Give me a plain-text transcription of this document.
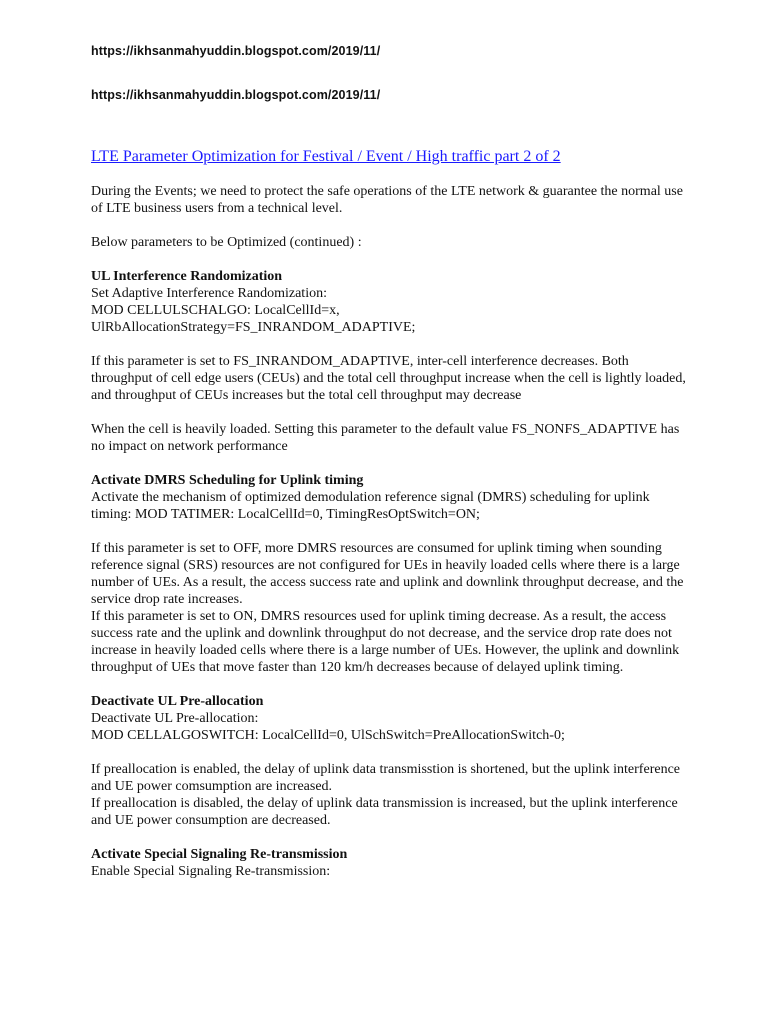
https://ikhsanmahyuddin.blogspot.com/2019/11/
https://ikhsanmahyuddin.blogspot.com/2019/11/
LTE Parameter Optimization for Festival / Event / High traffic part 2 of 2

During the Events; we need to protect the safe operations of the LTE network & guarantee the normal use of LTE business users from a technical level.

Below parameters to be Optimized (continued) :

UL Interference Randomization
Set Adaptive Interference Randomization:
MOD CELLULSCHALGO: LocalCellId=x,
UlRbAllocationStrategy=FS_INRANDOM_ADAPTIVE;

If this parameter is set to FS_INRANDOM_ADAPTIVE, inter-cell interference decreases. Both throughput of cell edge users (CEUs) and the total cell throughput increase when the cell is lightly loaded, and throughput of CEUs increases but the total cell throughput may decrease

When the cell is heavily loaded. Setting this parameter to the default value FS_NONFS_ADAPTIVE has no impact on network performance

Activate DMRS Scheduling for Uplink timing
Activate the mechanism of optimized demodulation reference signal (DMRS) scheduling for uplink timing: MOD TATIMER: LocalCellId=0, TimingResOptSwitch=ON;

If this parameter is set to OFF, more DMRS resources are consumed for uplink timing when sounding reference signal (SRS) resources are not configured for UEs in heavily loaded cells where there is a large number of UEs. As a result, the access success rate and uplink and downlink throughput decrease, and the service drop rate increases.

If this parameter is set to ON, DMRS resources used for uplink timing decrease. As a result, the access success rate and the uplink and downlink throughput do not decrease, and the service drop rate does not increase in heavily loaded cells where there is a large number of UEs. However, the uplink and downlink throughput of UEs that move faster than 120 km/h decreases because of delayed uplink timing.

Deactivate UL Pre-allocation
Deactivate UL Pre-allocation:
MOD CELLALGOSWITCH: LocalCellId=0, UlSchSwitch=PreAllocationSwitch-0;

If preallocation is enabled, the delay of uplink data transmisstion is shortened, but the uplink interference and UE power comsumption are increased.

If preallocation is disabled, the delay of uplink data transmission is increased, but the uplink interference and UE power consumption are decreased.

Activate Special Signaling Re-transmission
Enable Special Signaling Re-transmission:
